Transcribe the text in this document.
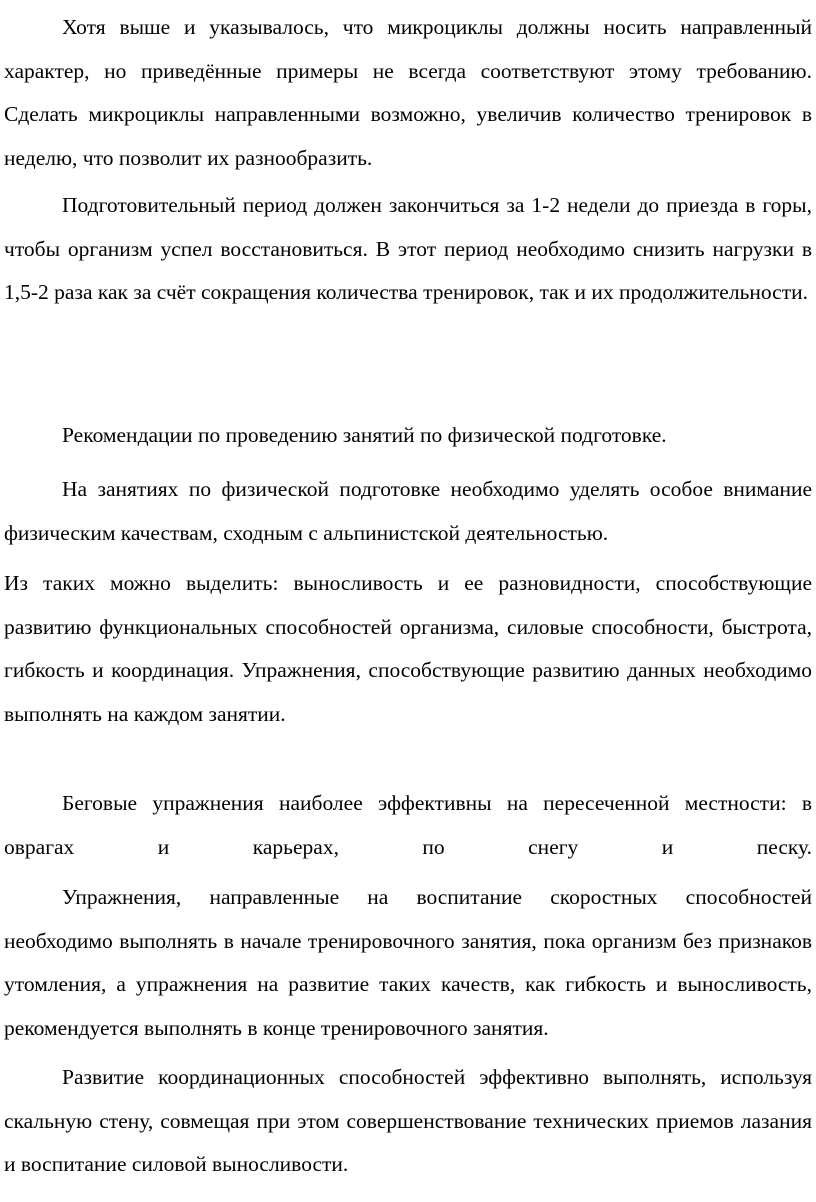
Хотя выше и указывалось, что микроциклы должны носить направленный характер, но приведённые примеры не всегда соответствуют этому требованию. Сделать микроциклы направленными возможно, увеличив количество тренировок в неделю, что позволит их разнообразить.

Подготовительный период должен закончиться за 1-2 недели до приезда в горы, чтобы организм успел восстановиться. В этот период необходимо снизить нагрузки в 1,5-2 раза как за счёт сокращения количества тренировок, так и их продолжительности.

Рекомендации по проведению занятий по физической подготовке.

На занятиях по физической подготовке необходимо уделять особое внимание физическим качествам, сходным с альпинистской деятельностью.

Из таких можно выделить: выносливость и ее разновидности, способствующие развитию функциональных способностей организма, силовые способности, быстрота, гибкость и координация. Упражнения, способствующие развитию данных необходимо выполнять на каждом занятии.

Беговые упражнения наиболее эффективны на пересеченной местности: в оврагах и карьерах, по снегу и песку.

Упражнения, направленные на воспитание скоростных способностей необходимо выполнять в начале тренировочного занятия, пока организм без признаков утомления, а упражнения на развитие таких качеств, как гибкость и выносливость, рекомендуется выполнять в конце тренировочного занятия.

Развитие координационных способностей эффективно выполнять, используя скальную стену, совмещая при этом совершенствование технических приемов лазания и воспитание силовой выносливости.
